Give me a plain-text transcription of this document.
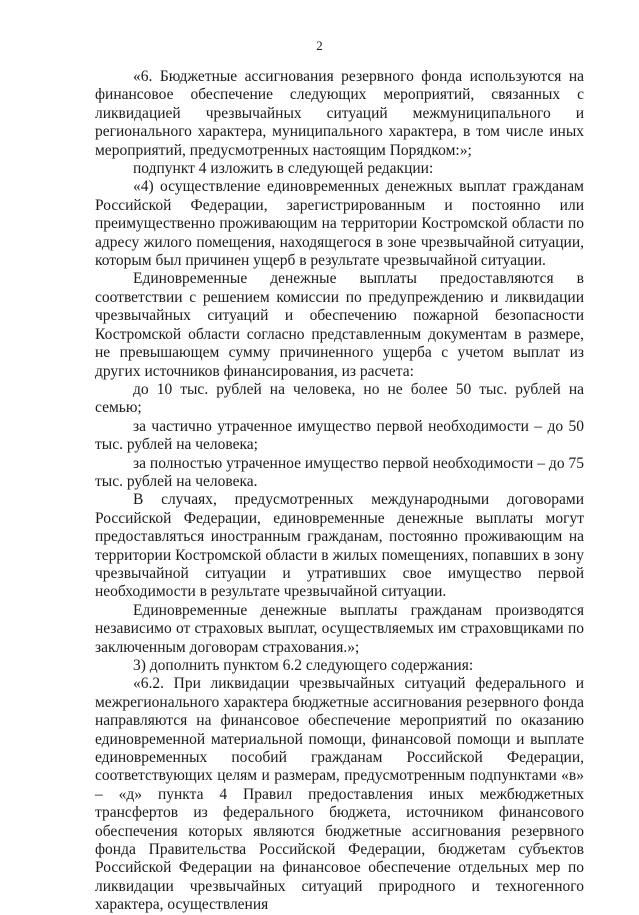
2

«6. Бюджетные ассигнования резервного фонда используются на финансовое обеспечение следующих мероприятий, связанных с ликвидацией чрезвычайных ситуаций межмуниципального и регионального характера, муниципального характера, в том числе иных мероприятий, предусмотренных настоящим Порядком:»;

подпункт 4 изложить в следующей редакции:

«4) осуществление единовременных денежных выплат гражданам Российской Федерации, зарегистрированным и постоянно или преимущественно проживающим на территории Костромской области по адресу жилого помещения, находящегося в зоне чрезвычайной ситуации, которым был причинен ущерб в результате чрезвычайной ситуации.

Единовременные денежные выплаты предоставляются в соответствии с решением комиссии по предупреждению и ликвидации чрезвычайных ситуаций и обеспечению пожарной безопасности Костромской области согласно представленным документам в размере, не превышающем сумму причиненного ущерба с учетом выплат из других источников финансирования, из расчета:

до 10 тыс. рублей на человека, но не более 50 тыс. рублей на семью;

за частично утраченное имущество первой необходимости – до 50 тыс. рублей на человека;

за полностью утраченное имущество первой необходимости – до 75 тыс. рублей на человека.

В случаях, предусмотренных международными договорами Российской Федерации, единовременные денежные выплаты могут предоставляться иностранным гражданам, постоянно проживающим на территории Костромской области в жилых помещениях, попавших в зону чрезвычайной ситуации и утративших свое имущество первой необходимости в результате чрезвычайной ситуации.

Единовременные денежные выплаты гражданам производятся независимо от страховых выплат, осуществляемых им страховщиками по заключенным договорам страхования.»;

3) дополнить пунктом 6.2 следующего содержания:

«6.2. При ликвидации чрезвычайных ситуаций федерального и межрегионального характера бюджетные ассигнования резервного фонда направляются на финансовое обеспечение мероприятий по оказанию единовременной материальной помощи, финансовой помощи и выплате единовременных пособий гражданам Российской Федерации, соответствующих целям и размерам, предусмотренным подпунктами «в» – «д» пункта 4 Правил предоставления иных межбюджетных трансфертов из федерального бюджета, источником финансового обеспечения которых являются бюджетные ассигнования резервного фонда Правительства Российской Федерации, бюджетам субъектов Российской Федерации на финансовое обеспечение отдельных мер по ликвидации чрезвычайных ситуаций природного и техногенного характера, осуществления
